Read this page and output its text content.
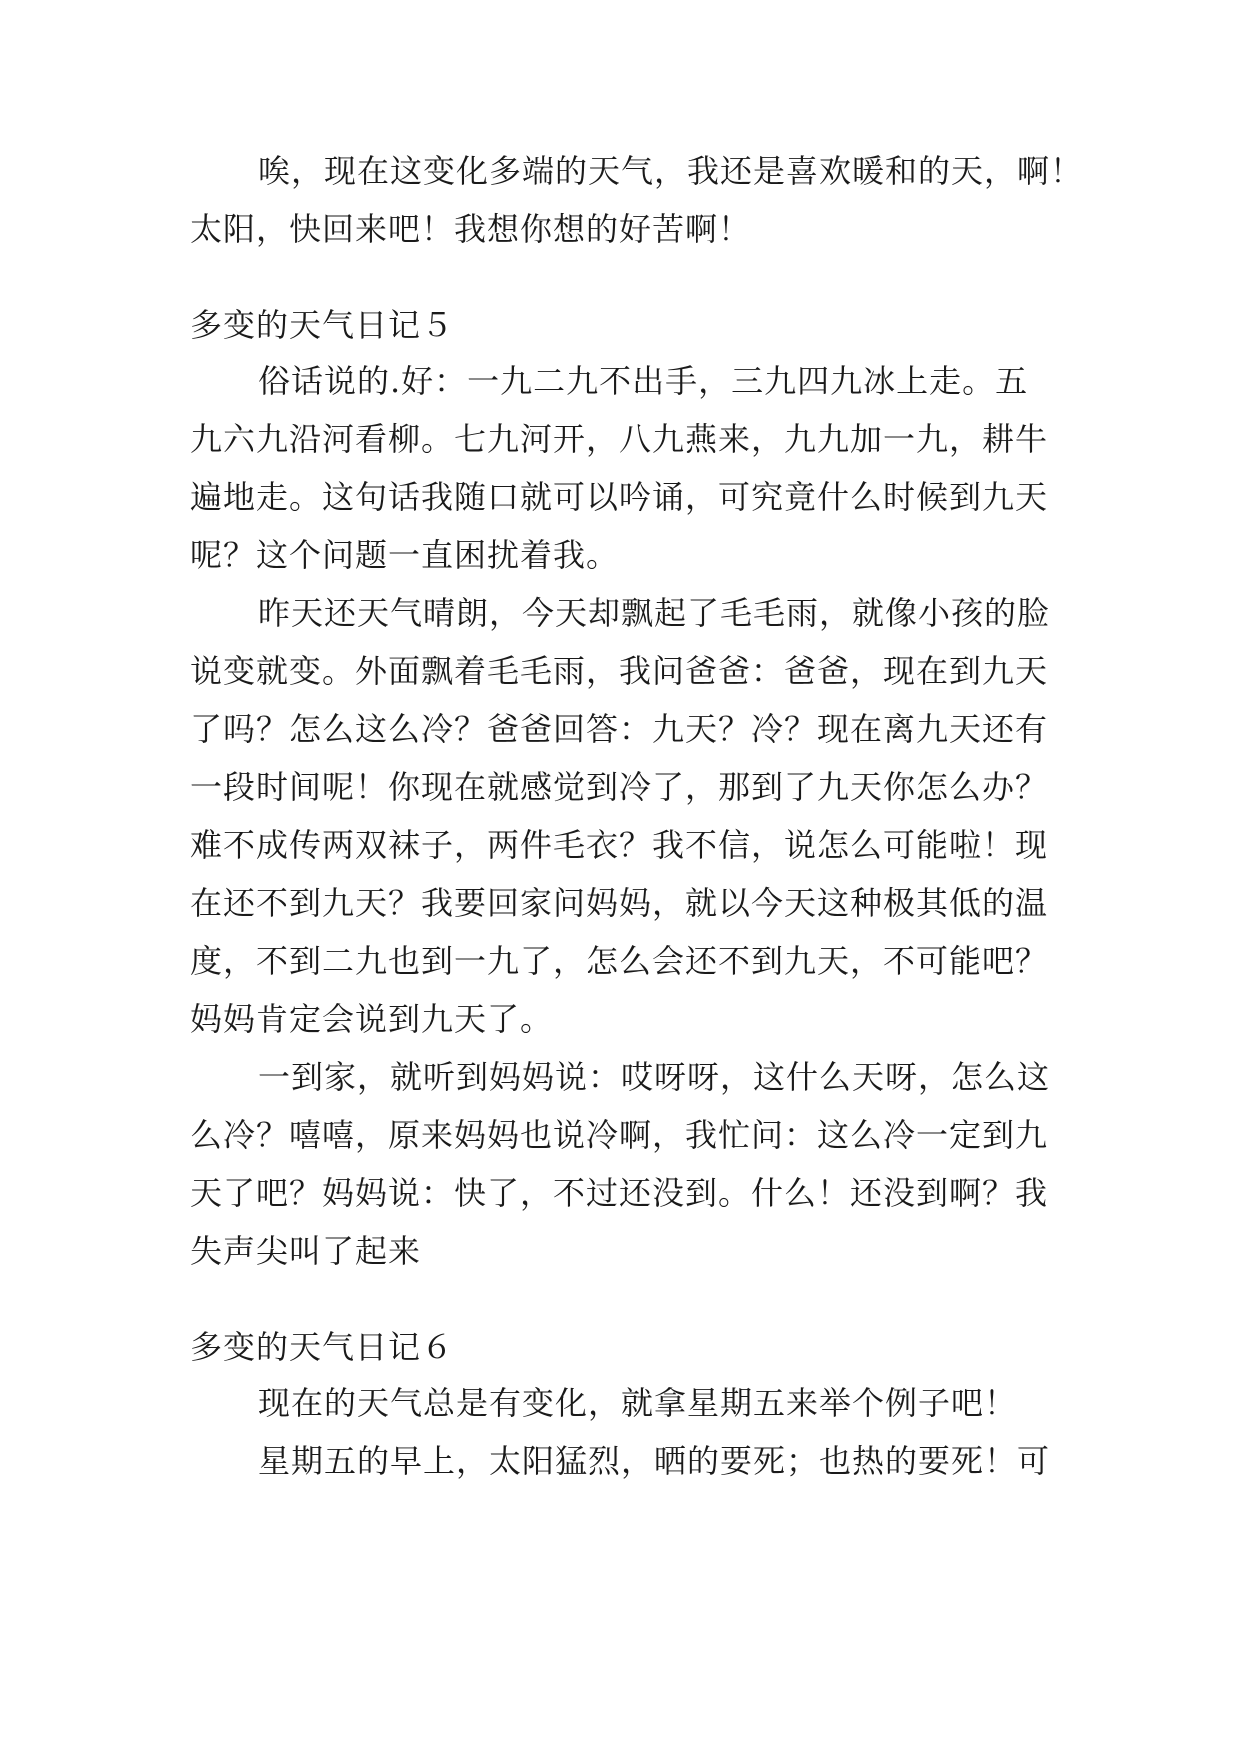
唉，现在这变化多端的天气，我还是喜欢暖和的天，啊！
太阳，快回来吧！我想你想的好苦啊！
多变的天气日记５
俗话说的.好：一九二九不出手，三九四九冰上走。五
九六九沿河看柳。七九河开，八九燕来，九九加一九，耕牛
遍地走。这句话我随口就可以吟诵，可究竟什么时候到九天
呢？这个问题一直困扰着我。
昨天还天气晴朗，今天却飘起了毛毛雨，就像小孩的脸
说变就变。外面飘着毛毛雨，我问爸爸：爸爸，现在到九天
了吗？怎么这么冷？爸爸回答：九天？冷？现在离九天还有
一段时间呢！你现在就感觉到冷了，那到了九天你怎么办？
难不成传两双袜子，两件毛衣？我不信，说怎么可能啦！现
在还不到九天？我要回家问妈妈，就以今天这种极其低的温
度，不到二九也到一九了，怎么会还不到九天，不可能吧？
妈妈肯定会说到九天了。
一到家，就听到妈妈说：哎呀呀，这什么天呀，怎么这
么冷？嘻嘻，原来妈妈也说冷啊，我忙问：这么冷一定到九
天了吧？妈妈说：快了，不过还没到。什么！还没到啊？我
失声尖叫了起来
多变的天气日记６
现在的天气总是有变化，就拿星期五来举个例子吧！
星期五的早上，太阳猛烈，晒的要死；也热的要死！可
